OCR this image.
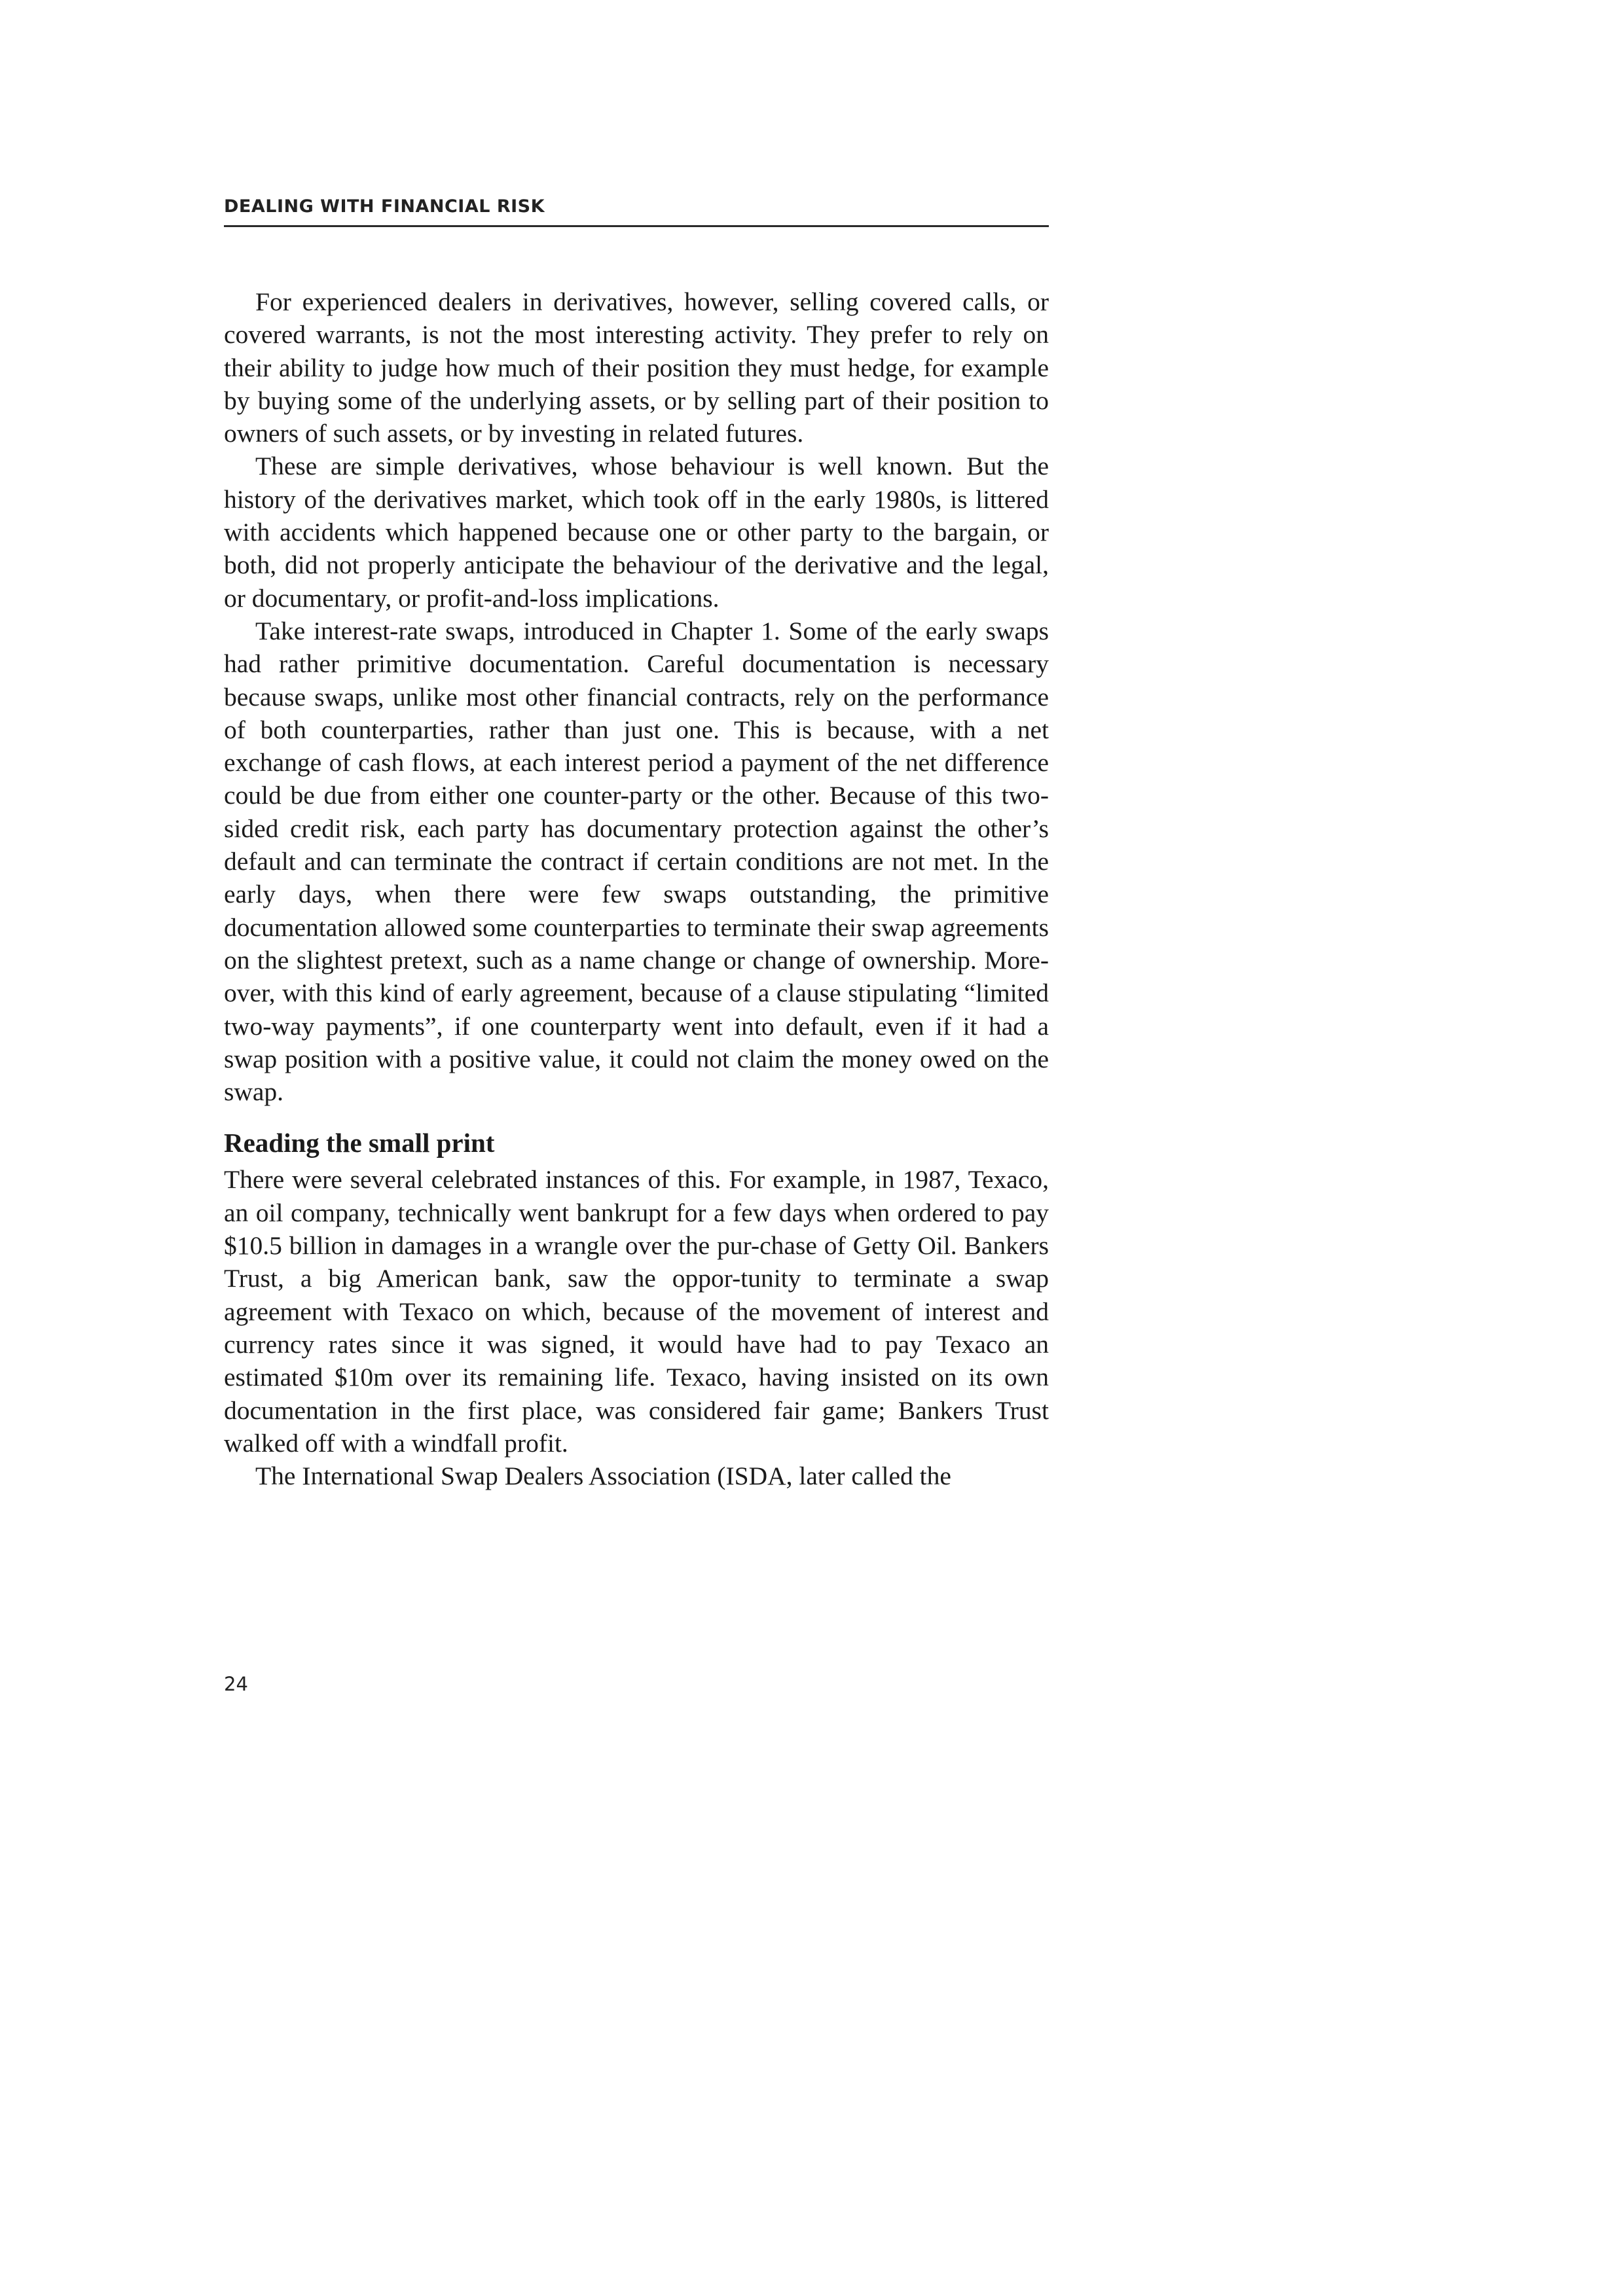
DEALING WITH FINANCIAL RISK

For experienced dealers in derivatives, however, selling covered calls, or covered warrants, is not the most interesting activity. They prefer to rely on their ability to judge how much of their position they must hedge, for example by buying some of the underlying assets, or by selling part of their position to owners of such assets, or by investing in related futures.

These are simple derivatives, whose behaviour is well known. But the history of the derivatives market, which took off in the early 1980s, is littered with accidents which happened because one or other party to the bargain, or both, did not properly anticipate the behaviour of the derivative and the legal, or documentary, or profit-and-loss implications.

Take interest-rate swaps, introduced in Chapter 1. Some of the early swaps had rather primitive documentation. Careful documentation is necessary because swaps, unlike most other financial contracts, rely on the performance of both counterparties, rather than just one. This is because, with a net exchange of cash flows, at each interest period a payment of the net difference could be due from either one counter-party or the other. Because of this two-sided credit risk, each party has documentary protection against the other’s default and can terminate the contract if certain conditions are not met. In the early days, when there were few swaps outstanding, the primitive documentation allowed some counterparties to terminate their swap agreements on the slightest pretext, such as a name change or change of ownership. More-over, with this kind of early agreement, because of a clause stipulating “limited two-way payments”, if one counterparty went into default, even if it had a swap position with a positive value, it could not claim the money owed on the swap.

Reading the small print

There were several celebrated instances of this. For example, in 1987, Texaco, an oil company, technically went bankrupt for a few days when ordered to pay $10.5 billion in damages in a wrangle over the pur-chase of Getty Oil. Bankers Trust, a big American bank, saw the oppor-tunity to terminate a swap agreement with Texaco on which, because of the movement of interest and currency rates since it was signed, it would have had to pay Texaco an estimated $10m over its remaining life. Texaco, having insisted on its own documentation in the first place, was considered fair game; Bankers Trust walked off with a windfall profit.

The International Swap Dealers Association (ISDA, later called the

24
